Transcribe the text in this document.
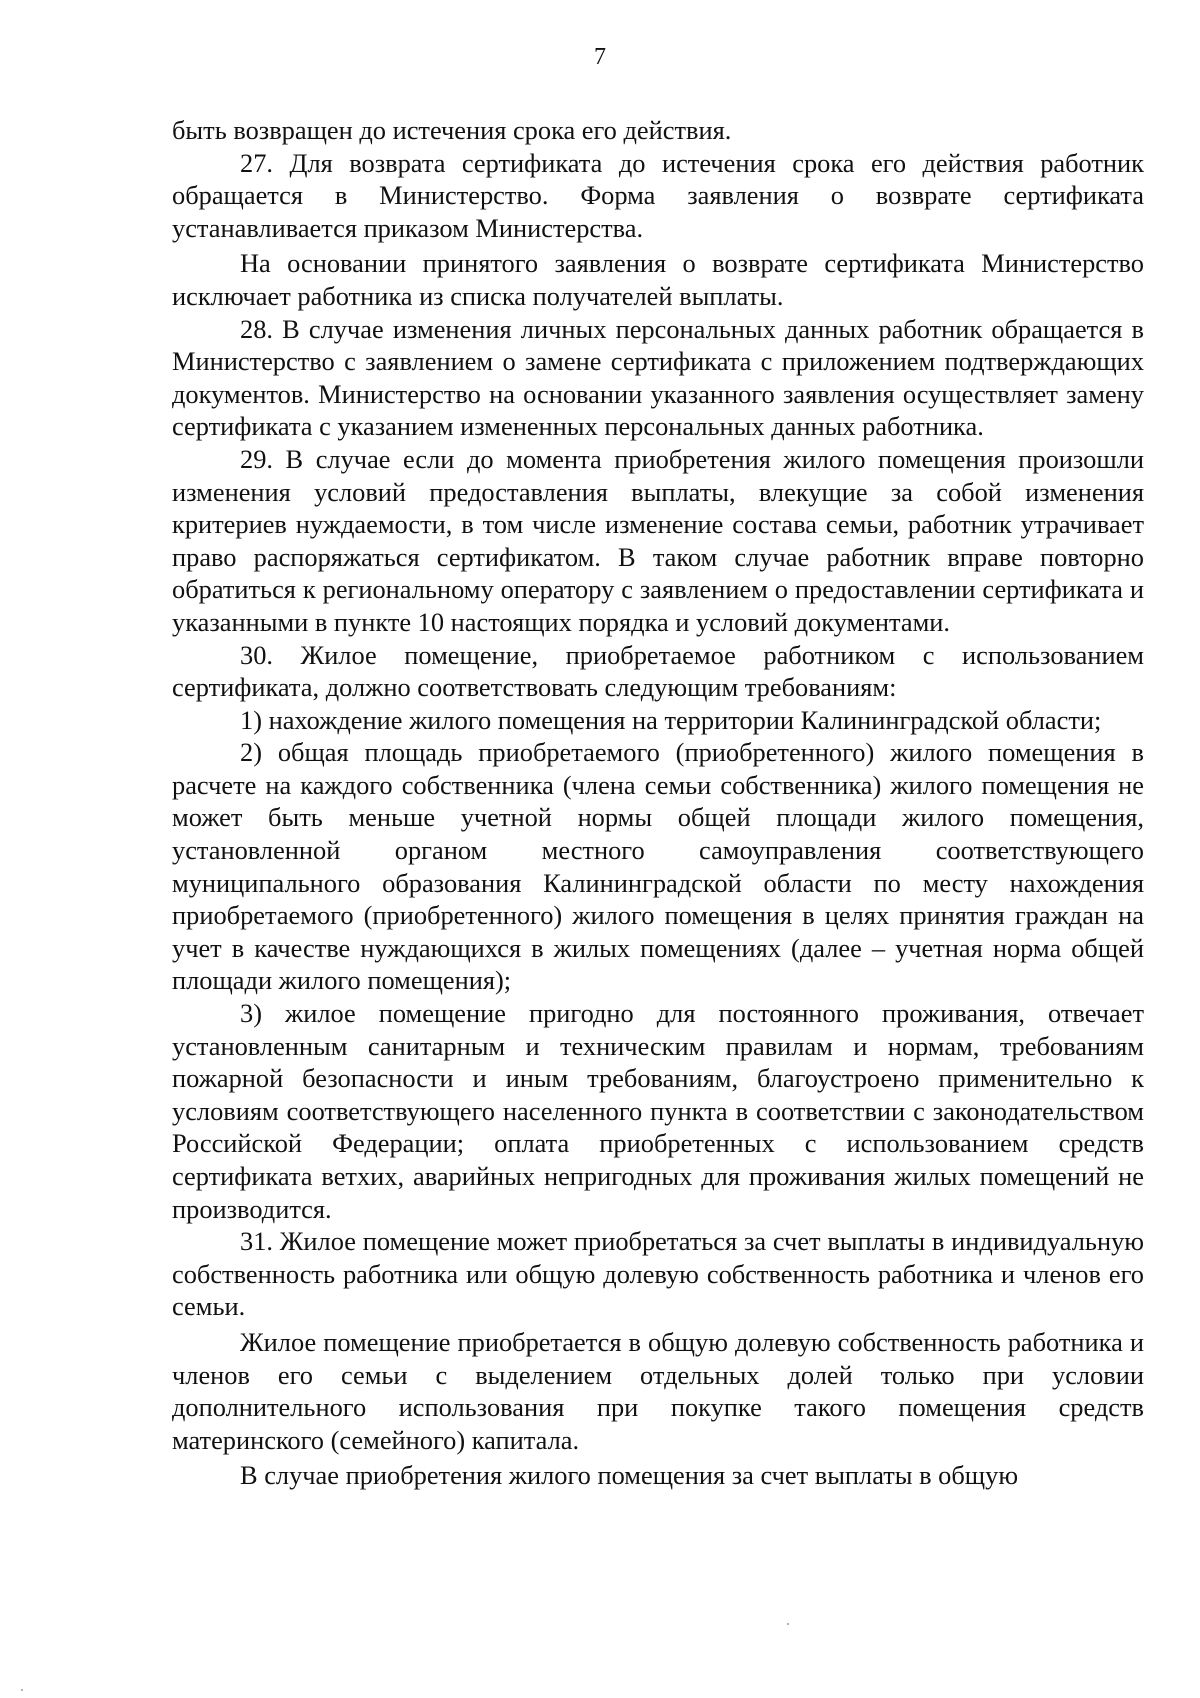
7

быть возвращен до истечения срока его действия.

27. Для возврата сертификата до истечения срока его действия работник обращается в Министерство. Форма заявления о возврате сертификата устанавливается приказом Министерства.

На основании принятого заявления о возврате сертификата Министерство исключает работника из списка получателей выплаты.

28. В случае изменения личных персональных данных работник обращается в Министерство с заявлением о замене сертификата с приложением подтверждающих документов. Министерство на основании указанного заявления осуществляет замену сертификата с указанием измененных персональных данных работника.

29. В случае если до момента приобретения жилого помещения произошли изменения условий предоставления выплаты, влекущие за собой изменения критериев нуждаемости, в том числе изменение состава семьи, работник утрачивает право распоряжаться сертификатом. В таком случае работник вправе повторно обратиться к региональному оператору с заявлением о предоставлении сертификата и указанными в пункте 10 настоящих порядка и условий документами.

30. Жилое помещение, приобретаемое работником с использованием сертификата, должно соответствовать следующим требованиям:

1) нахождение жилого помещения на территории Калининградской области;

2) общая площадь приобретаемого (приобретенного) жилого помещения в расчете на каждого собственника (члена семьи собственника) жилого помещения не может быть меньше учетной нормы общей площади жилого помещения, установленной органом местного самоуправления соответствующего муниципального образования Калининградской области по месту нахождения приобретаемого (приобретенного) жилого помещения в целях принятия граждан на учет в качестве нуждающихся в жилых помещениях (далее – учетная норма общей площади жилого помещения);

3) жилое помещение пригодно для постоянного проживания, отвечает установленным санитарным и техническим правилам и нормам, требованиям пожарной безопасности и иным требованиям, благоустроено применительно к условиям соответствующего населенного пункта в соответствии с законодательством Российской Федерации; оплата приобретенных с использованием средств сертификата ветхих, аварийных непригодных для проживания жилых помещений не производится.

31. Жилое помещение может приобретаться за счет выплаты в индивидуальную собственность работника или общую долевую собственность работника и членов его семьи.

Жилое помещение приобретается в общую долевую собственность работника и членов его семьи с выделением отдельных долей только при условии дополнительного использования при покупке такого помещения средств материнского (семейного) капитала.

В случае приобретения жилого помещения за счет выплаты в общую
